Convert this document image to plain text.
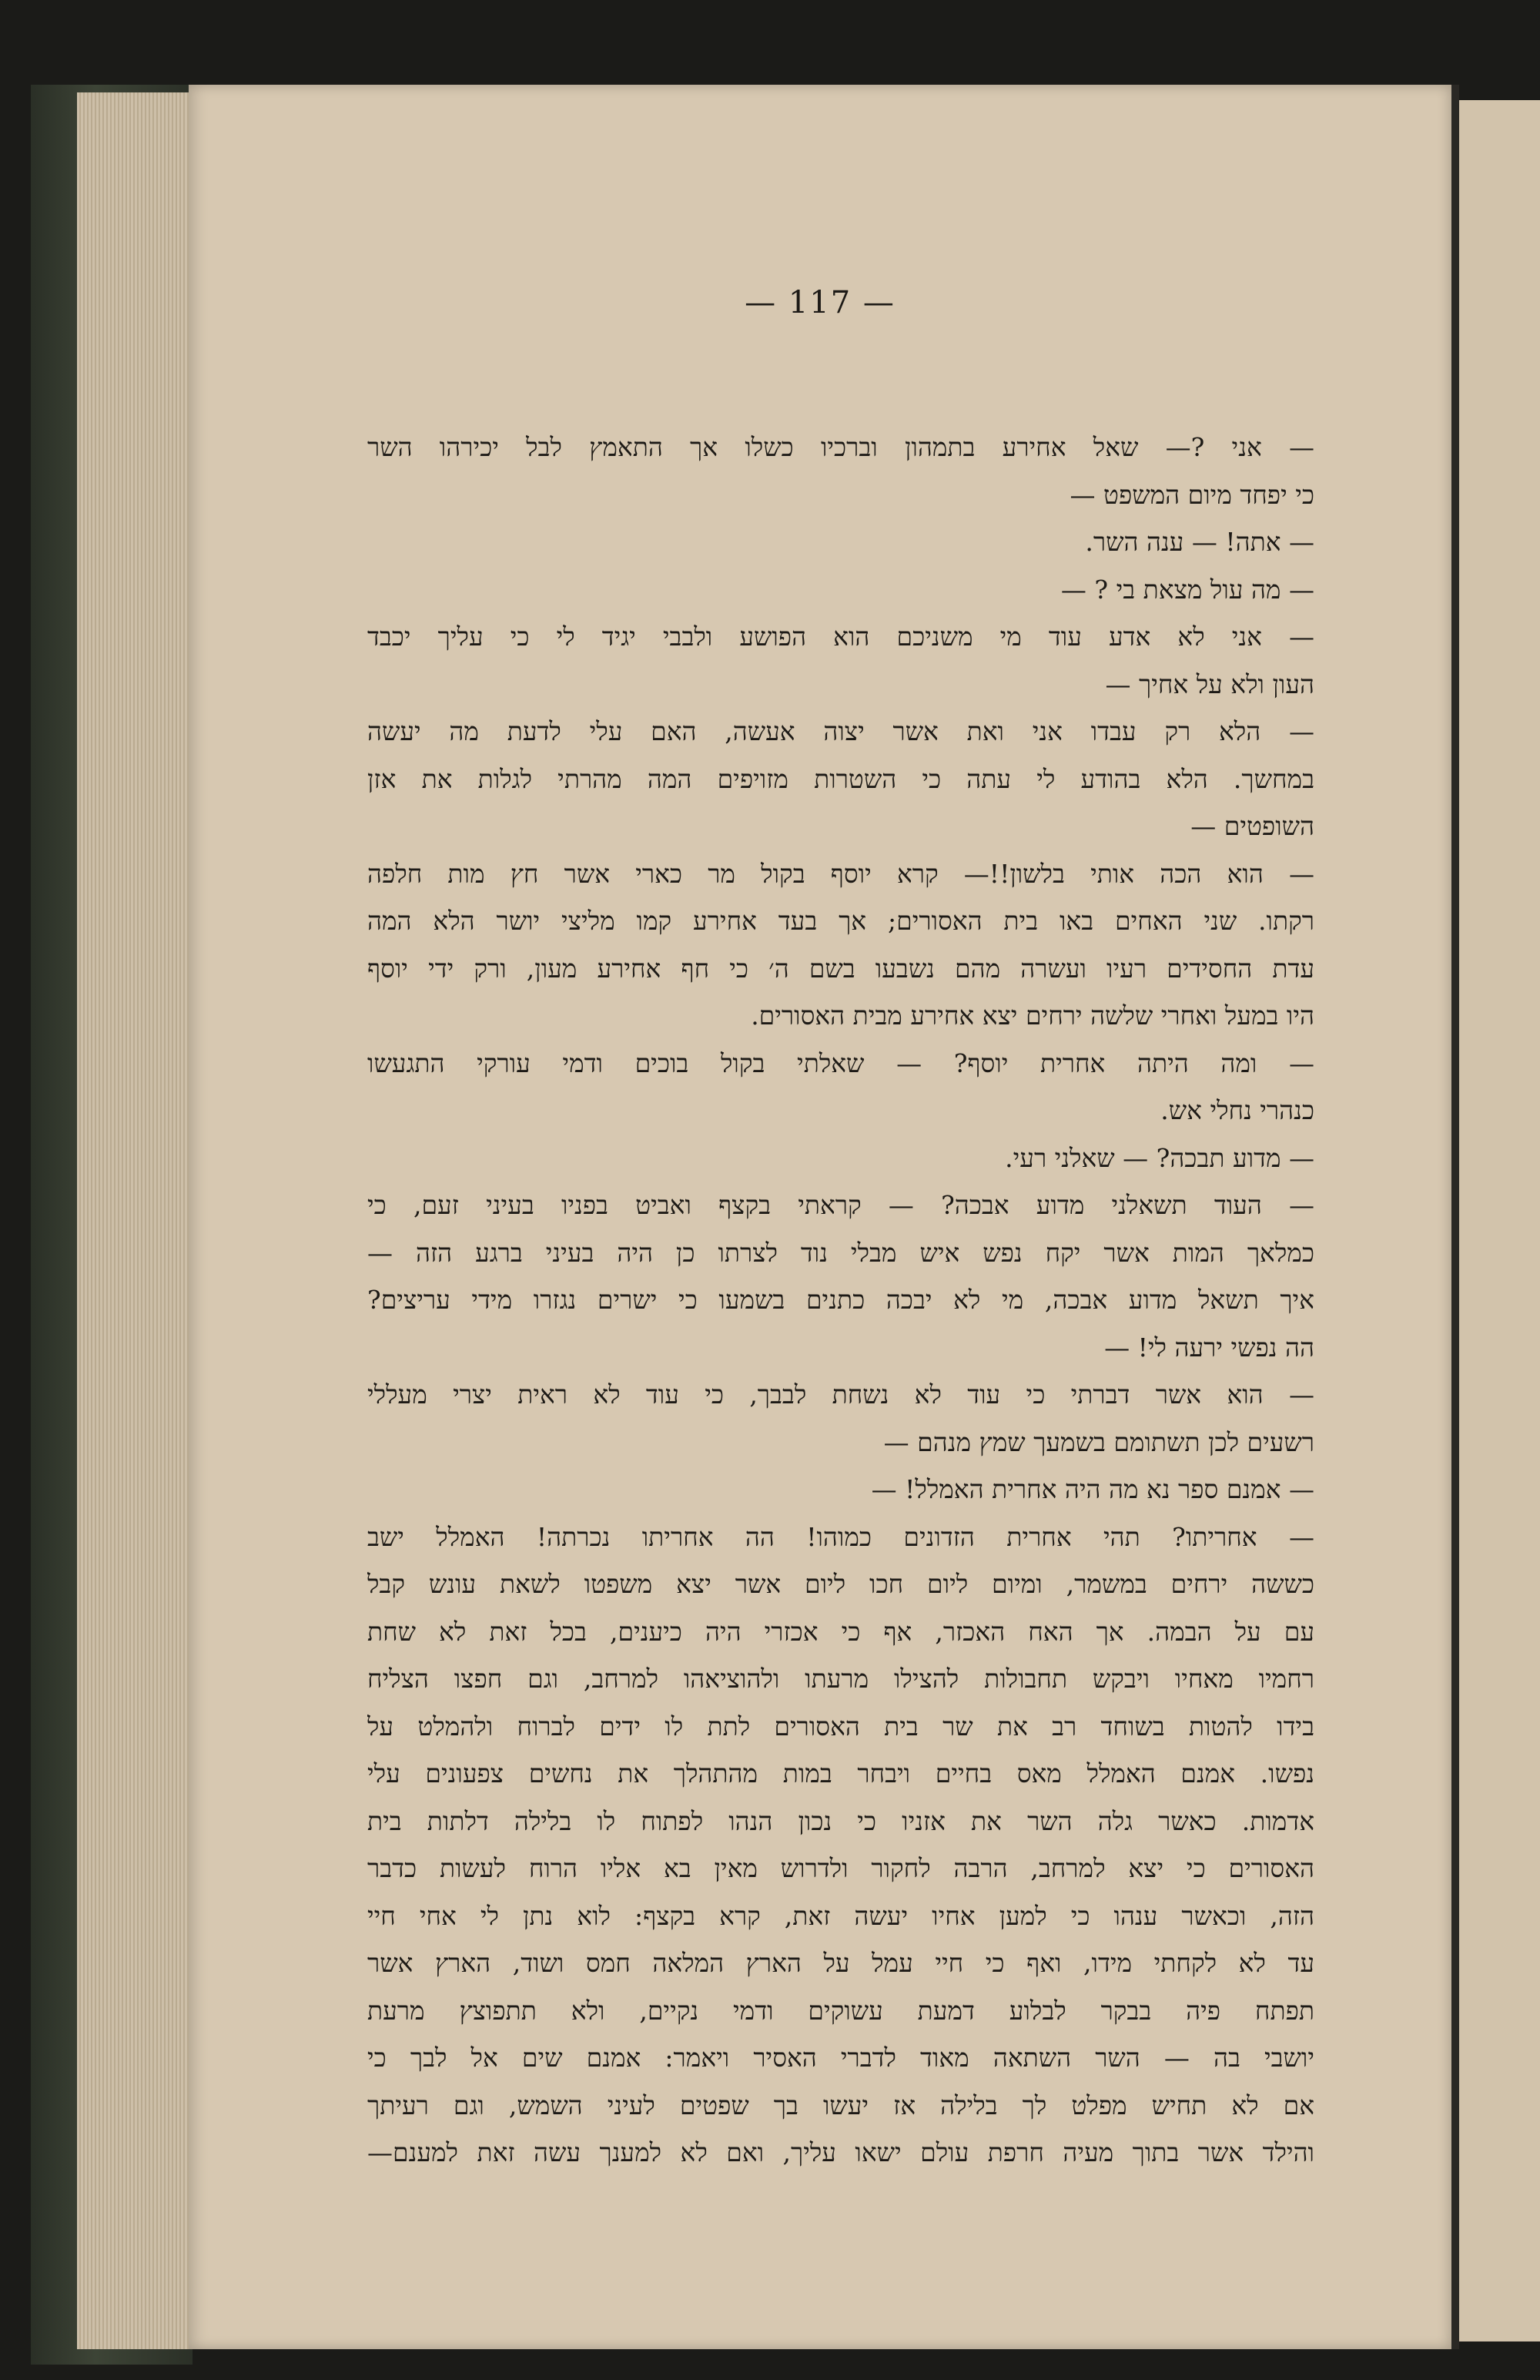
— 117 —
— אני ?— שאל אחירע בתמהון וברכיו כשלו אך התאמץ לבל יכירהו השר
כי יפחד מיום המשפט —
— אתה! — ענה השר.
— מה עול מצאת בי ? —
— אני לא אדע עוד מי משניכם הוא הפושע ולבבי יגיד לי כי עליך יכבד
העון ולא על אחיך —
— הלא רק עבדו אני ואת אשר יצוה אעשה, האם עלי לדעת מה יעשה
במחשך. הלא בהודע לי עתה כי השטרות מזויפים המה מהרתי לגלות את אזן
השופטים —
— הוא הכה אותי בלשון!!— קרא יוסף בקול מר כארי אשר חץ מות חלפה
רקתו. שני האחים באו בית האסורים; אך בעד אחירע קמו מליצי יושר הלא המה
עדת החסידים רעיו ועשרה מהם נשבעו בשם ה׳ כי חף אחירע מעון, ורק ידי יוסף
היו במעל ואחרי שלשה ירחים יצא אחירע מבית האסורים.
— ומה היתה אחרית יוסף? — שאלתי בקול בוכים ודמי עורקי התגעשו
כנהרי נחלי אש.
— מדוע תבכה? — שאלני רעי.
— העוד תשאלני מדוע אבכה? — קראתי בקצף ואביט בפניו בעיני זעם, כי
כמלאך המות אשר יקח נפש איש מבלי נוד לצרתו כן היה בעיני ברגע הזה —
איך תשאל מדוע אבכה, מי לא יבכה כתנים בשמעו כי ישרים נגזרו מידי עריצים?
הה נפשי ירעה לי! —
— הוא אשר דברתי כי עוד לא נשחת לבבך, כי עוד לא ראית יצרי מעללי
רשעים לכן תשתומם בשמעך שמץ מנהם —
— אמנם ספר נא מה היה אחרית האמלל! —
— אחריתו? תהי אחרית הזדונים כמוהו! הה אחריתו נכרתה! האמלל ישב
כששה ירחים במשמר, ומיום ליום חכו ליום אשר יצא משפטו לשאת עונש קבל
עם על הבמה. אך האח האכזר, אף כי אכזרי היה כיענים, בכל זאת לא שחת
רחמיו מאחיו ויבקש תחבולות להצילו מרעתו ולהוציאהו למרחב, וגם חפצו הצליח
בידו להטות בשוחד רב את שר בית האסורים לתת לו ידים לברוח ולהמלט על
נפשו. אמנם האמלל מאס בחיים ויבחר במות מהתהלך את נחשים צפעונים עלי
אדמות. כאשר גלה השר את אזניו כי נכון הנהו לפתוח לו בלילה דלתות בית
האסורים כי יצא למרחב, הרבה לחקור ולדרוש מאין בא אליו הרוח לעשות כדבר
הזה, וכאשר ענהו כי למען אחיו יעשה זאת, קרא בקצף: לוא נתן לי אחי חיי
עד לא לקחתי מידו, ואף כי חיי עמל על הארץ המלאה חמס ושוד, הארץ אשר
תפתח פיה בבקר לבלוע דמעת עשוקים ודמי נקיים, ולא תתפוצץ מרעת
יושבי בה — השר השתאה מאוד לדברי האסיר ויאמר: אמנם שים אל לבך כי
אם לא תחיש מפלט לך בלילה אז יעשו בך שפטים לעיני השמש, וגם רעיתך
והילד אשר בתוך מעיה חרפת עולם ישאו עליך, ואם לא למענך עשה זאת למענם—
